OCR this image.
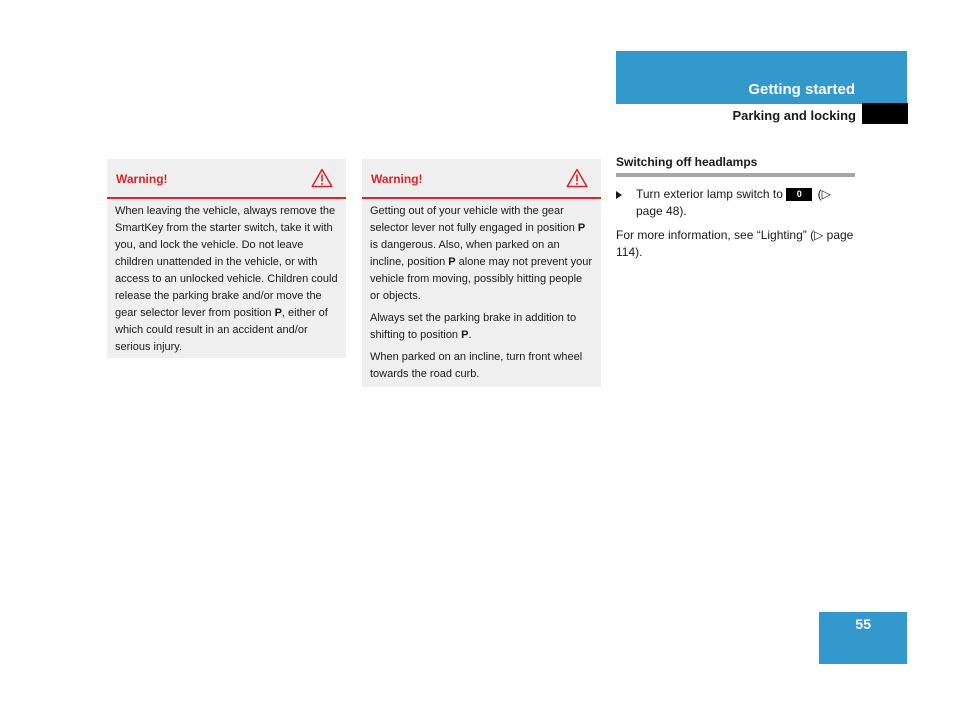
Getting started
Parking and locking
Warning!

When leaving the vehicle, always remove the SmartKey from the starter switch, take it with you, and lock the vehicle. Do not leave children unattended in the vehicle, or with access to an unlocked vehicle. Children could release the parking brake and/or move the gear selector lever from position P, either of which could result in an accident and/or serious injury.

Warning!

Getting out of your vehicle with the gear selector lever not fully engaged in position P is dangerous. Also, when parked on an incline, position P alone may not prevent your vehicle from moving, possibly hitting people or objects.

Always set the parking brake in addition to shifting to position P.

When parked on an incline, turn front wheel towards the road curb.

Switching off headlamps
Turn exterior lamp switch to 0 (▷ page 48).
For more information, see “Lighting” (▷ page 114).
55
